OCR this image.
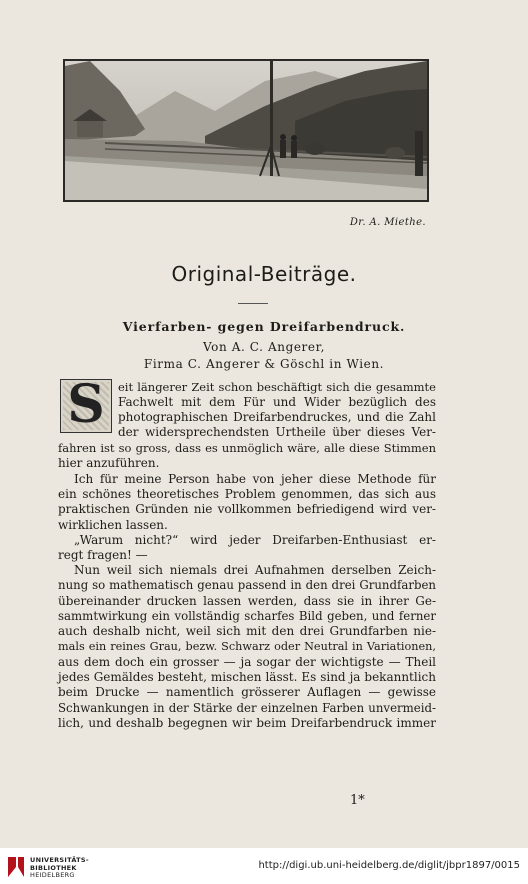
Dr. A. Miethe.
Original-Beiträge.
Vierfarben- gegen Dreifarbendruck.
Von A. C. Angerer,
Firma C. Angerer & Göschl in Wien.
S	eit längerer Zeit schon beschäftigt sich die gesammte
Fachwelt mit dem Für und Wider bezüglich des
photographischen Dreifarbendruckes, und die Zahl
der widersprechendsten Urtheile über dieses Ver-
fahren ist so gross, dass es unmöglich wäre, alle diese Stimmen
hier anzuführen.
Ich für meine Person habe von jeher diese Methode für
ein schönes theoretisches Problem genommen, das sich aus
praktischen Gründen nie vollkommen befriedigend wird ver-
wirklichen lassen.
„Warum nicht?“ wird jeder Dreifarben-Enthusiast er-
regt fragen! —
Nun weil sich niemals drei Aufnahmen derselben Zeich-
nung so mathematisch genau passend in den drei Grundfarben
übereinander drucken lassen werden, dass sie in ihrer Ge-
sammtwirkung ein vollständig scharfes Bild geben, und ferner
auch deshalb nicht, weil sich mit den drei Grundfarben nie-
mals ein reines Grau, bezw. Schwarz oder Neutral in Variationen,
aus dem doch ein grosser — ja sogar der wichtigste — Theil
jedes Gemäldes besteht, mischen lässt. Es sind ja bekanntlich
beim Drucke — namentlich grösserer Auflagen — gewisse
Schwankungen in der Stärke der einzelnen Farben unvermeid-
lich, und deshalb begegnen wir beim Dreifarbendruck immer
1*
UNIVERSITÄTS-
BIBLIOTHEK
HEIDELBERG
http://digi.ub.uni-heidelberg.de/diglit/jbpr1897/0015
